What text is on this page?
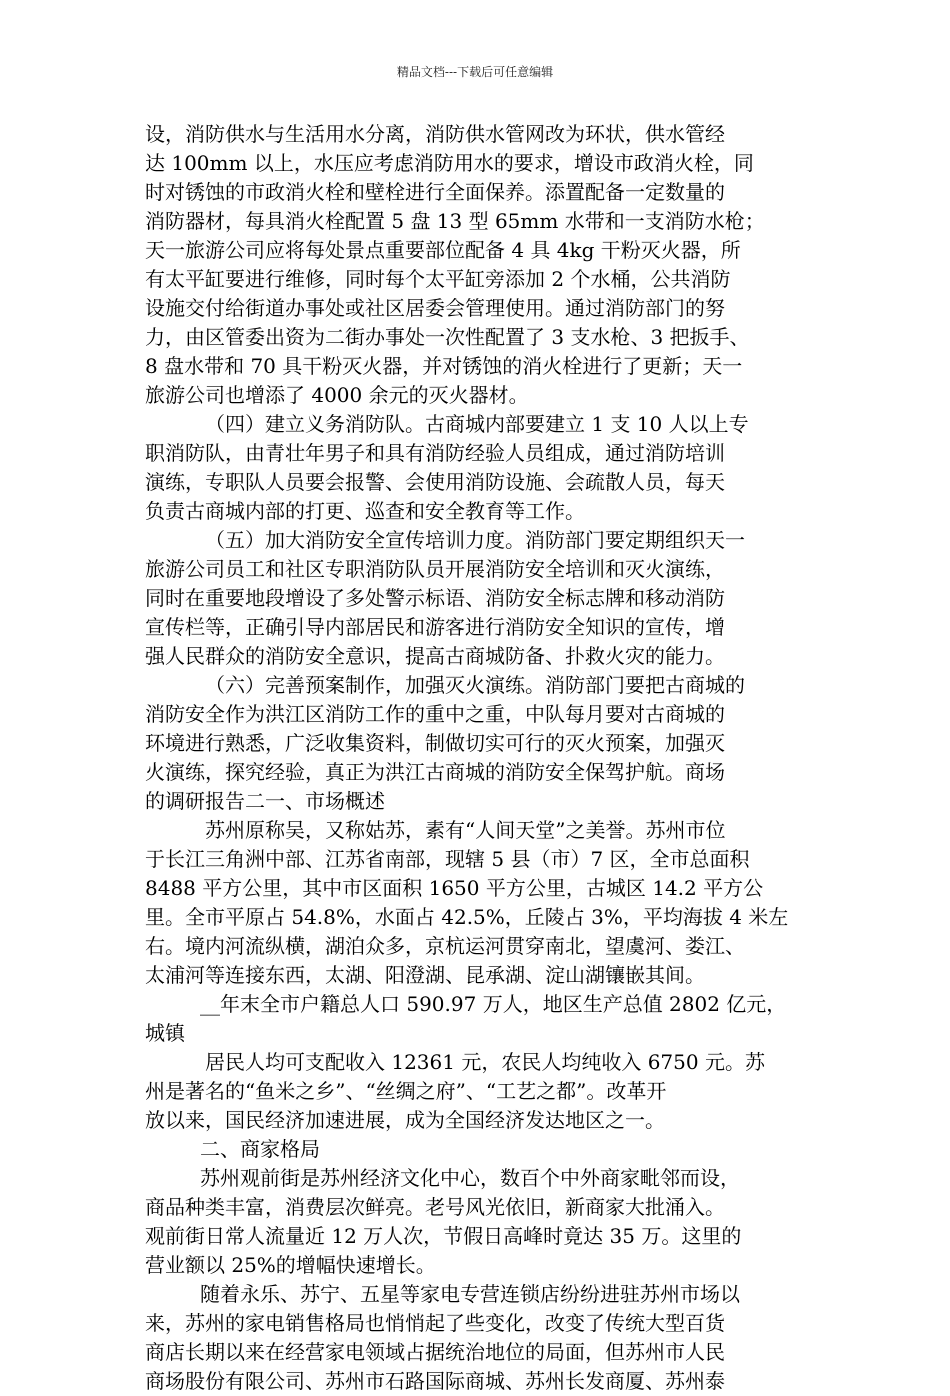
精品文档---下载后可任意编辑
设，消防供水与生活用水分离，消防供水管网改为环状，供水管经
达 100mm 以上，水压应考虑消防用水的要求，增设市政消火栓，同
时对锈蚀的市政消火栓和壁栓进行全面保养。添置配备一定数量的
消防器材，每具消火栓配置 5 盘 13 型 65mm 水带和一支消防水枪；
天一旅游公司应将每处景点重要部位配备 4 具 4kg 干粉灭火器，所
有太平缸要进行维修，同时每个太平缸旁添加 2 个水桶，公共消防
设施交付给街道办事处或社区居委会管理使用。通过消防部门的努
力，由区管委出资为二街办事处一次性配置了 3 支水枪、3 把扳手、
8 盘水带和 70 具干粉灭火器，并对锈蚀的消火栓进行了更新；天一
旅游公司也增添了 4000 余元的灭火器材。
（四）建立义务消防队。古商城内部要建立 1 支 10 人以上专
职消防队，由青壮年男子和具有消防经验人员组成，通过消防培训
演练，专职队人员要会报警、会使用消防设施、会疏散人员，每天
负责古商城内部的打更、巡查和安全教育等工作。
（五）加大消防安全宣传培训力度。消防部门要定期组织天一
旅游公司员工和社区专职消防队员开展消防安全培训和灭火演练，
同时在重要地段增设了多处警示标语、消防安全标志牌和移动消防
宣传栏等，正确引导内部居民和游客进行消防安全知识的宣传，增
强人民群众的消防安全意识，提高古商城防备、扑救火灾的能力。
（六）完善预案制作，加强灭火演练。消防部门要把古商城的
消防安全作为洪江区消防工作的重中之重，中队每月要对古商城的
环境进行熟悉，广泛收集资料，制做切实可行的灭火预案，加强灭
火演练，探究经验，真正为洪江古商城的消防安全保驾护航。商场
的调研报告二一、市场概述
苏州原称吴，又称姑苏，素有“人间天堂”之美誉。苏州市位
于长江三角洲中部、江苏省南部，现辖 5 县（市）7 区，全市总面积
8488 平方公里，其中市区面积 1650 平方公里，古城区 14.2 平方公
里。全市平原占 54.8%，水面占 42.5%，丘陵占 3%，平均海拔 4 米左
右。境内河流纵横，湖泊众多，京杭运河贯穿南北，望虞河、娄江、
太浦河等连接东西，太湖、阳澄湖、昆承湖、淀山湖镶嵌其间。
__年末全市户籍总人口 590.97 万人，地区生产总值 2802 亿元，
城镇
居民人均可支配收入 12361 元，农民人均纯收入 6750 元。苏
州是著名的“鱼米之乡”、“丝绸之府”、“工艺之都”。改革开
放以来，国民经济加速进展，成为全国经济发达地区之一。
二、商家格局
苏州观前街是苏州经济文化中心，数百个中外商家毗邻而设，
商品种类丰富，消费层次鲜亮。老号风光依旧，新商家大批涌入。
观前街日常人流量近 12 万人次，节假日高峰时竟达 35 万。这里的
营业额以 25%的增幅快速增长。
随着永乐、苏宁、五星等家电专营连锁店纷纷进驻苏州市场以
来，苏州的家电销售格局也悄悄起了些变化，改变了传统大型百货
商店长期以来在经营家电领域占据统治地位的局面，但苏州市人民
商场股份有限公司、苏州市石路国际商城、苏州长发商厦、苏州泰
